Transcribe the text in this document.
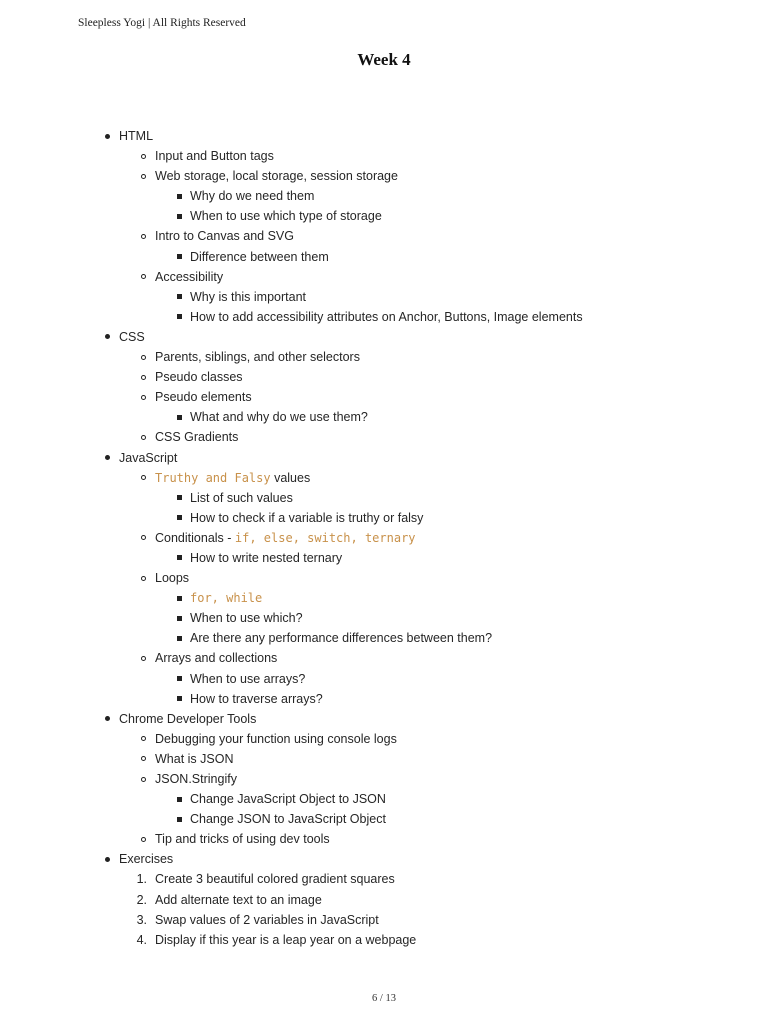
Sleepless Yogi | All Rights Reserved
Week 4
HTML
Input and Button tags
Web storage, local storage, session storage
Why do we need them
When to use which type of storage
Intro to Canvas and SVG
Difference between them
Accessibility
Why is this important
How to add accessibility attributes on Anchor, Buttons, Image elements
CSS
Parents, siblings, and other selectors
Pseudo classes
Pseudo elements
What and why do we use them?
CSS Gradients
JavaScript
Truthy and Falsy values
List of such values
How to check if a variable is truthy or falsy
Conditionals - if, else, switch, ternary
How to write nested ternary
Loops
for, while
When to use which?
Are there any performance differences between them?
Arrays and collections
When to use arrays?
How to traverse arrays?
Chrome Developer Tools
Debugging your function using console logs
What is JSON
JSON.Stringify
Change JavaScript Object to JSON
Change JSON to JavaScript Object
Tip and tricks of using dev tools
Exercises
1. Create 3 beautiful colored gradient squares
2. Add alternate text to an image
3. Swap values of 2 variables in JavaScript
4. Display if this year is a leap year on a webpage
6 / 13
